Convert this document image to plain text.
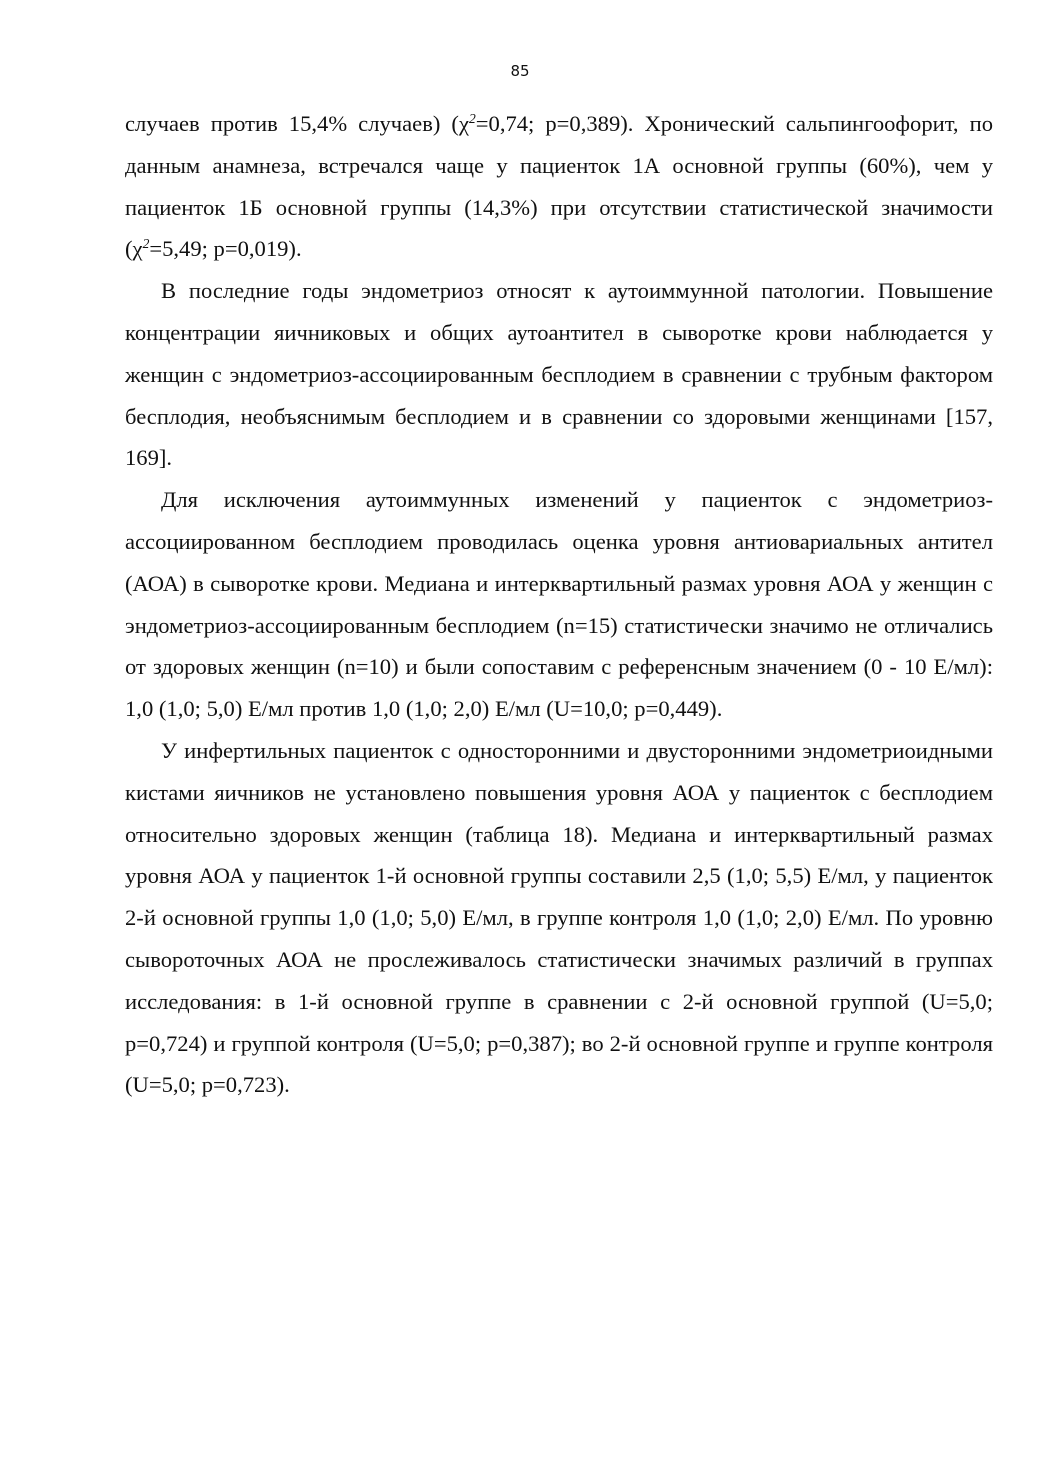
85

случаев против 15,4% случаев) ($\chi^2=0,74$; p=0,389). Хронический сальпингоофорит, по данным анамнеза, встречался чаще у пациенток 1А основной группы (60%), чем у пациенток 1Б основной группы (14,3%) при отсутствии статистической значимости ($\chi^2=5,49$; p=0,019).

В последние годы эндометриоз относят к аутоиммунной патологии. Повышение концентрации яичниковых и общих аутоантител в сыворотке крови наблюдается у женщин с эндометриоз-ассоциированным бесплодием в сравнении с трубным фактором бесплодия, необъяснимым бесплодием и в сравнении со здоровыми женщинами [157, 169].

Для исключения аутоиммунных изменений у пациенток с эндометриоз-ассоциированном бесплодием проводилась оценка уровня антиовариальных антител (АОА) в сыворотке крови. Медиана и интерквартильный размах уровня АОА у женщин с эндометриоз-ассоциированным бесплодием (n=15) статистически значимо не отличались от здоровых женщин (n=10) и были сопоставим с референсным значением (0 - 10 Е/мл): 1,0 (1,0; 5,0) Е/мл против 1,0 (1,0; 2,0) Е/мл (U=10,0; p=0,449).

У инфертильных пациенток с односторонними и двусторонними эндометриоидными кистами яичников не установлено повышения уровня АОА у пациенток с бесплодием относительно здоровых женщин (таблица 18). Медиана и интерквартильный размах уровня АОА у пациенток 1-й основной группы составили 2,5 (1,0; 5,5) Е/мл, у пациенток 2-й основной группы 1,0 (1,0; 5,0) Е/мл, в группе контроля 1,0 (1,0; 2,0) Е/мл. По уровню сывороточных АОА не прослеживалось статистически значимых различий в группах исследования: в 1-й основной группе в сравнении с 2-й основной группой (U=5,0; p=0,724) и группой контроля (U=5,0; p=0,387); во 2-й основной группе и группе контроля (U=5,0; p=0,723).
